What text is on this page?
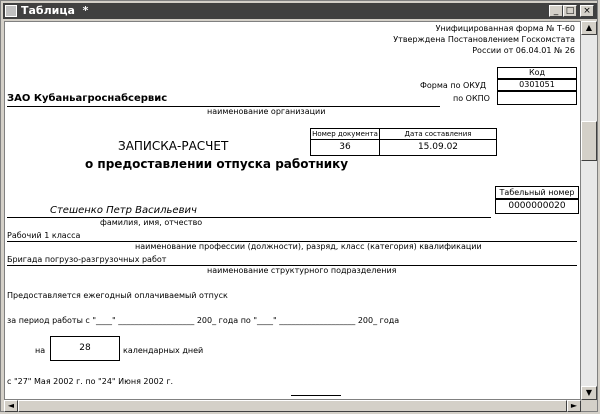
Таблица  *	_ □ ×
Унифицированная форма № Т-60
Утверждена Постановлением Госкомстата
России от 06.04.01 № 26
Код
Форма по ОКУД	0301051
по ОКПО
ЗАО Кубаньагроснабсервис
наименование организации
Номер документа	Дата составления
36	15.09.02
ЗАПИСКА-РАСЧЕТ
о предоставлении отпуска работнику
Табельный номер
0000000020
Стешенко Петр Васильевич
фамилия, имя, отчество
Рабочий 1 класса
наименование профессии (должности), разряд, класс (категория) квалификации
Бригада погрузо-разгрузочных работ
наименование структурного подразделения
Предоставляется ежегодный оплачиваемый отпуск
за период работы с "____" ___________________ 200_ года по "____" ___________________ 200_ года
на	28	календарных дней
с "27" Мая 2002 г. по "24" Июня 2002 г.
▲
▼
◄	►
